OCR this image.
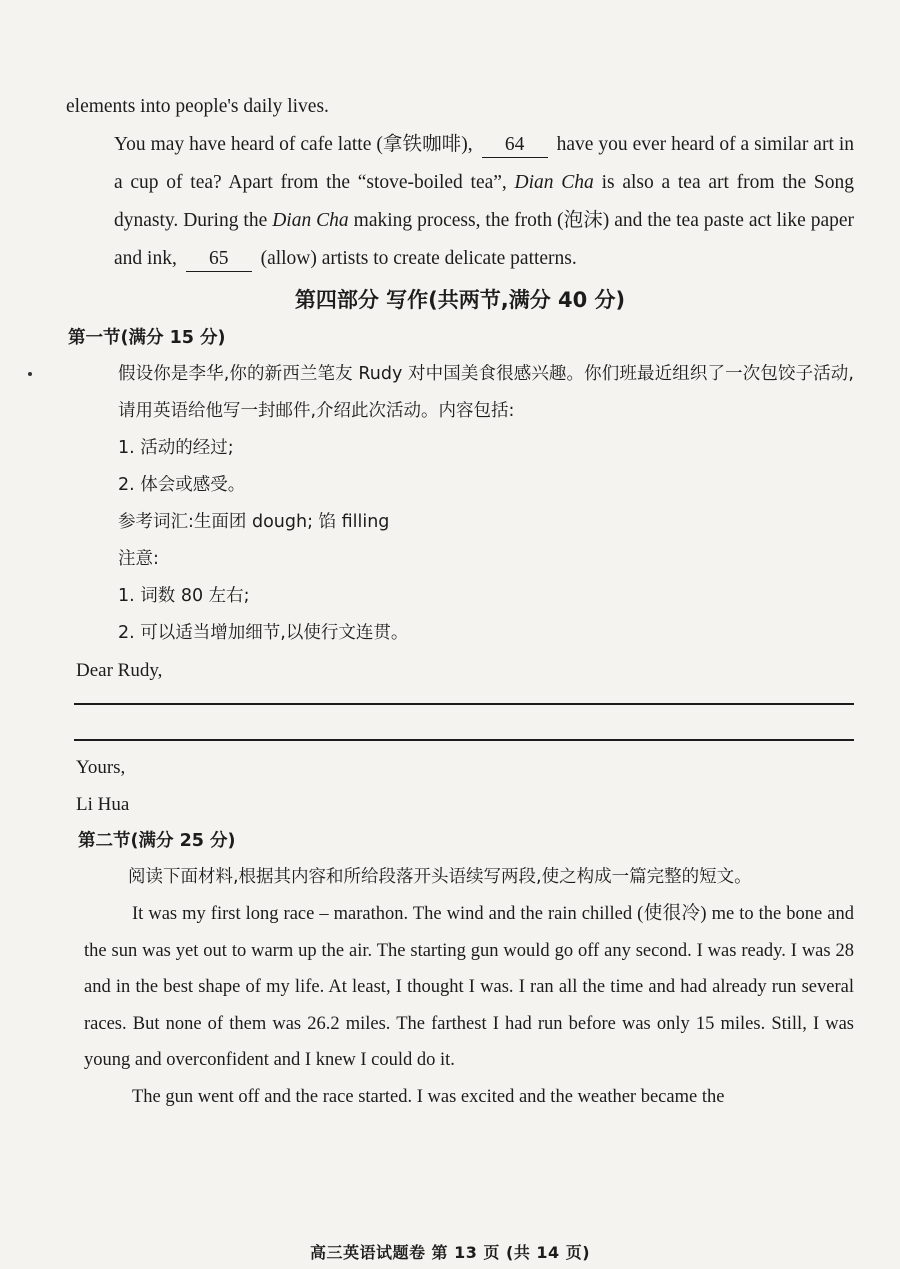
elements into people's daily lives.

You may have heard of cafe latte (拿铁咖啡), 64 have you ever heard of a similar art in a cup of tea? Apart from the “stove-boiled tea”, Dian Cha is also a tea art from the Song dynasty. During the Dian Cha making process, the froth (泡沫) and the tea paste act like paper and ink, 65 (allow) artists to create delicate patterns.

第四部分 写作(共两节,满分 40 分)
第一节(满分 15 分)

假设你是李华,你的新西兰笔友 Rudy 对中国美食很感兴趣。你们班最近组织了一次包饺子活动,请用英语给他写一封邮件,介绍此次活动。内容包括:

1. 活动的经过;

2. 体会或感受。

参考词汇:生面团 dough; 馅 filling

注意:

1. 词数 80 左右;

2. 可以适当增加细节,以使行文连贯。

Dear Rudy,

Yours,

Li Hua

第二节(满分 25 分)

阅读下面材料,根据其内容和所给段落开头语续写两段,使之构成一篇完整的短文。

It was my first long race – marathon. The wind and the rain chilled (使很冷) me to the bone and the sun was yet out to warm up the air. The starting gun would go off any second. I was ready. I was 28 and in the best shape of my life. At least, I thought I was. I ran all the time and had already run several races. But none of them was 26.2 miles. The farthest I had run before was only 15 miles. Still, I was young and overconfident and I knew I could do it.

The gun went off and the race started. I was excited and the weather became the

高三英语试题卷 第 13 页 (共 14 页)
